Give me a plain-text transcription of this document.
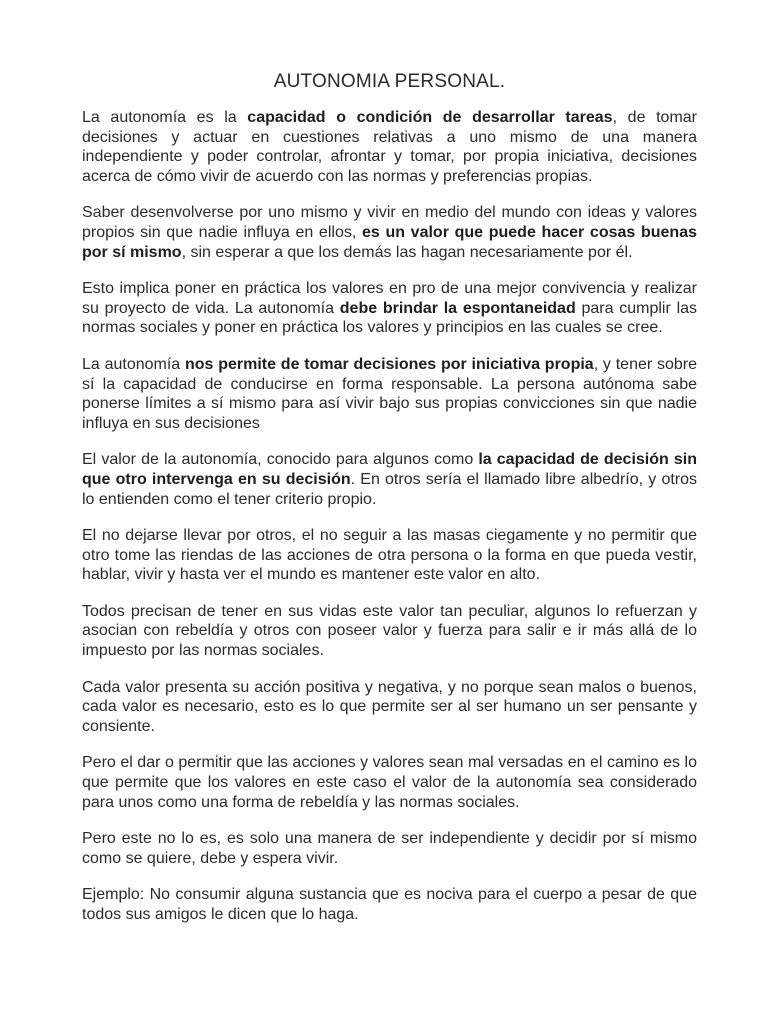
AUTONOMIA PERSONAL.

La autonomía es la capacidad o condición de desarrollar tareas, de tomar decisiones y actuar en cuestiones relativas a uno mismo de una manera independiente y poder controlar, afrontar y tomar, por propia iniciativa, decisiones acerca de cómo vivir de acuerdo con las normas y preferencias propias.

Saber desenvolverse por uno mismo y vivir en medio del mundo con ideas y valores propios sin que nadie influya en ellos, es un valor que puede hacer cosas buenas por sí mismo, sin esperar a que los demás las hagan necesariamente por él.

Esto implica poner en práctica los valores en pro de una mejor convivencia y realizar su proyecto de vida. La autonomía debe brindar la espontaneidad para cumplir las normas sociales y poner en práctica los valores y principios en las cuales se cree.

La autonomía nos permite de tomar decisiones por iniciativa propia, y tener sobre sí la capacidad de conducirse en forma responsable. La persona autónoma sabe ponerse límites a sí mismo para así vivir bajo sus propias convicciones sin que nadie influya en sus decisiones

El valor de la autonomía, conocido para algunos como la capacidad de decisión sin que otro intervenga en su decisión. En otros sería el llamado libre albedrío, y otros lo entienden como el tener criterio propio.

El no dejarse llevar por otros, el no seguir a las masas ciegamente y no permitir que otro tome las riendas de las acciones de otra persona o la forma en que pueda vestir, hablar, vivir y hasta ver el mundo es mantener este valor en alto.

Todos precisan de tener en sus vidas este valor tan peculiar, algunos lo refuerzan y asocian con rebeldía y otros con poseer valor y fuerza para salir e ir más allá de lo impuesto por las normas sociales.

Cada valor presenta su acción positiva y negativa, y no porque sean malos o buenos, cada valor es necesario, esto es lo que permite ser al ser humano un ser pensante y consiente.

Pero el dar o permitir que las acciones y valores sean mal versadas en el camino es lo que permite que los valores en este caso el valor de la autonomía sea considerado para unos como una forma de rebeldía y las normas sociales.

Pero este no lo es, es solo una manera de ser independiente y decidir por sí mismo como se quiere, debe y espera vivir.

Ejemplo: No consumir alguna sustancia que es nociva para el cuerpo a pesar de que todos sus amigos le dicen que lo haga.
